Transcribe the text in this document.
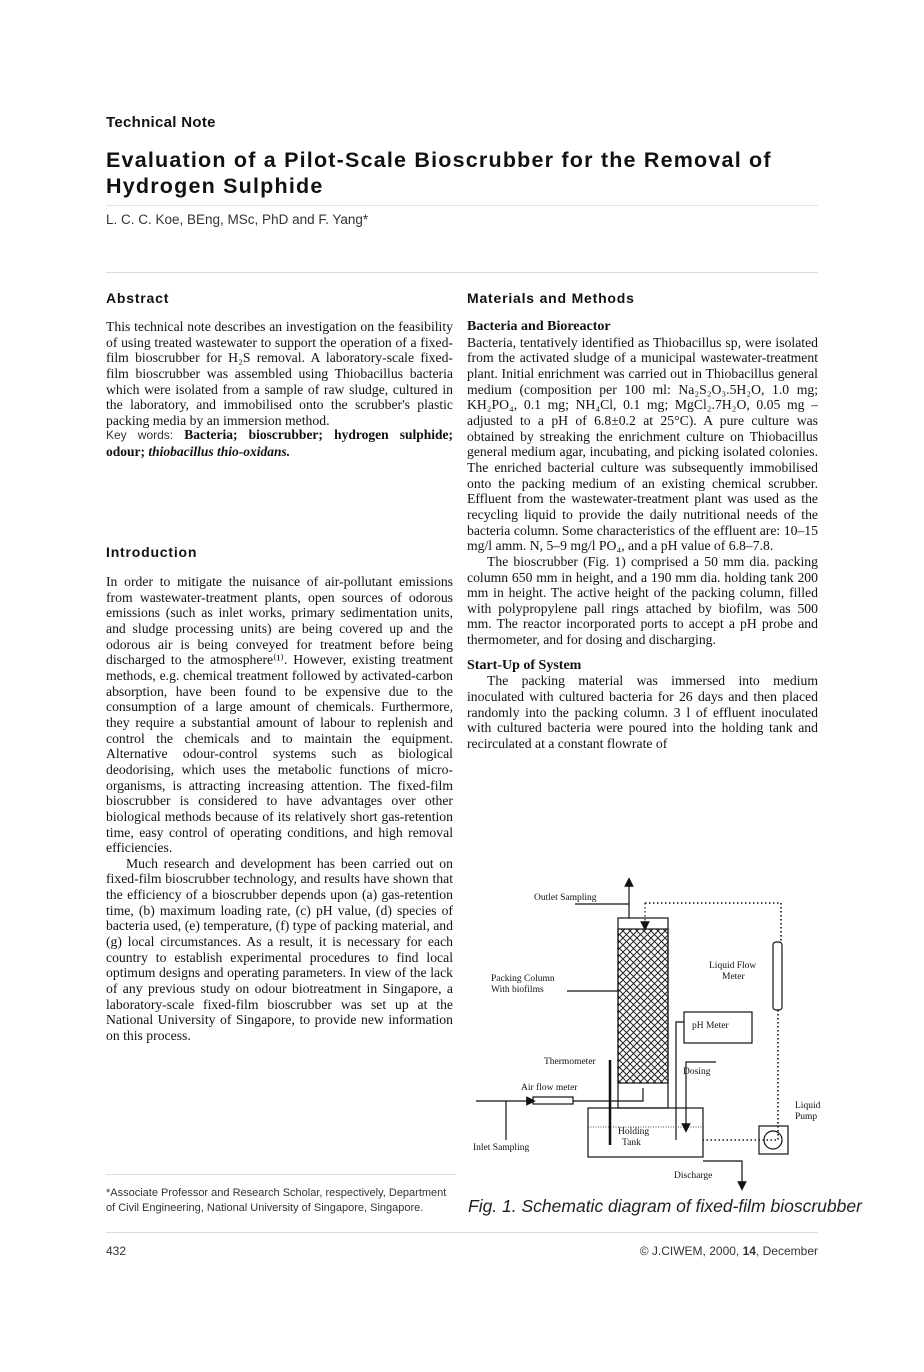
Technical Note
Evaluation of a Pilot-Scale Bioscrubber for the Removal of Hydrogen Sulphide
L. C. C. Koe, BEng, MSc, PhD and F. Yang*
Abstract

This technical note describes an investigation on the feasibility of using treated wastewater to support the operation of a fixed-film bioscrubber for H₂S removal. A laboratory-scale fixed-film bioscrubber was assembled using Thiobacillus bacteria which were isolated from a sample of raw sludge, cultured in the laboratory, and immobilised onto the scrubber's plastic packing media by an immersion method.

Key words: Bacteria; bioscrubber; hydrogen sulphide; odour; thiobacillus thio-oxidans.
Introduction

In order to mitigate the nuisance of air-pollutant emissions from wastewater-treatment plants, open sources of odorous emissions (such as inlet works, primary sedimentation units, and sludge processing units) are being covered up and the odorous air is being conveyed for treatment before being discharged to the atmosphere⁽¹⁾. However, existing treatment methods, e.g. chemical treatment followed by activated-carbon absorption, have been found to be expensive due to the consumption of a large amount of chemicals. Furthermore, they require a substantial amount of labour to replenish and control the chemicals and to maintain the equipment. Alternative odour-control systems such as biological deodorising, which uses the metabolic functions of micro-organisms, is attracting increasing attention. The fixed-film bioscrubber is considered to have advantages over other biological methods because of its relatively short gas-retention time, easy control of operating conditions, and high removal efficiencies.

Much research and development has been carried out on fixed-film bioscrubber technology, and results have shown that the efficiency of a bioscrubber depends upon (a) gas-retention time, (b) maximum loading rate, (c) pH value, (d) species of bacteria used, (e) temperature, (f) type of packing material, and (g) local circumstances. As a result, it is necessary for each country to establish experimental procedures to find local optimum designs and operating parameters. In view of the lack of any previous study on odour biotreatment in Singapore, a laboratory-scale fixed-film bioscrubber was set up at the National University of Singapore, to provide new information on this process.

Materials and Methods

Bacteria and Bioreactor

Bacteria, tentatively identified as Thiobacillus sp, were isolated from the activated sludge of a municipal wastewater-treatment plant. Initial enrichment was carried out in Thiobacillus general medium (composition per 100 ml: Na₂S₂O₃.5H₂O, 1.0 mg; KH₂PO₄, 0.1 mg; NH₄Cl, 0.1 mg; MgCl₂.7H₂O, 0.05 mg – adjusted to a pH of 6.8±0.2 at 25°C). A pure culture was obtained by streaking the enrichment culture on Thiobacillus general medium agar, incubating, and picking isolated colonies. The enriched bacterial culture was subsequently immobilised onto the packing medium of an existing chemical scrubber. Effluent from the wastewater-treatment plant was used as the recycling liquid to provide the daily nutritional needs of the bacteria column. Some characteristics of the effluent are: 10–15 mg/l amm. N, 5–9 mg/l PO₄, and a pH value of 6.8–7.8.

The bioscrubber (Fig. 1) comprised a 50 mm dia. packing column 650 mm in height, and a 190 mm dia. holding tank 200 mm in height. The active height of the packing column, filled with polypropylene pall rings attached by biofilm, was 500 mm. The reactor incorporated ports to accept a pH probe and thermometer, and for dosing and discharging.

Start-Up of System

The packing material was immersed into medium inoculated with cultured bacteria for 26 days and then placed randomly into the packing column. 3 l of effluent inoculated with cultured bacteria were poured into the holding tank and recirculated at a constant flowrate of

Outlet Sampling
Packing Column
With biofilms
Liquid Flow
Meter
pH Meter
Thermometer
Dosing
Air flow meter
Liquid
Pump
Holding
Tank
Inlet Sampling
Discharge
Fig. 1. Schematic diagram of fixed-film bioscrubber
*Associate Professor and Research Scholar, respectively, Department of Civil Engineering, National University of Singapore, Singapore.
432	© J.CIWEM, 2000, 14, December
